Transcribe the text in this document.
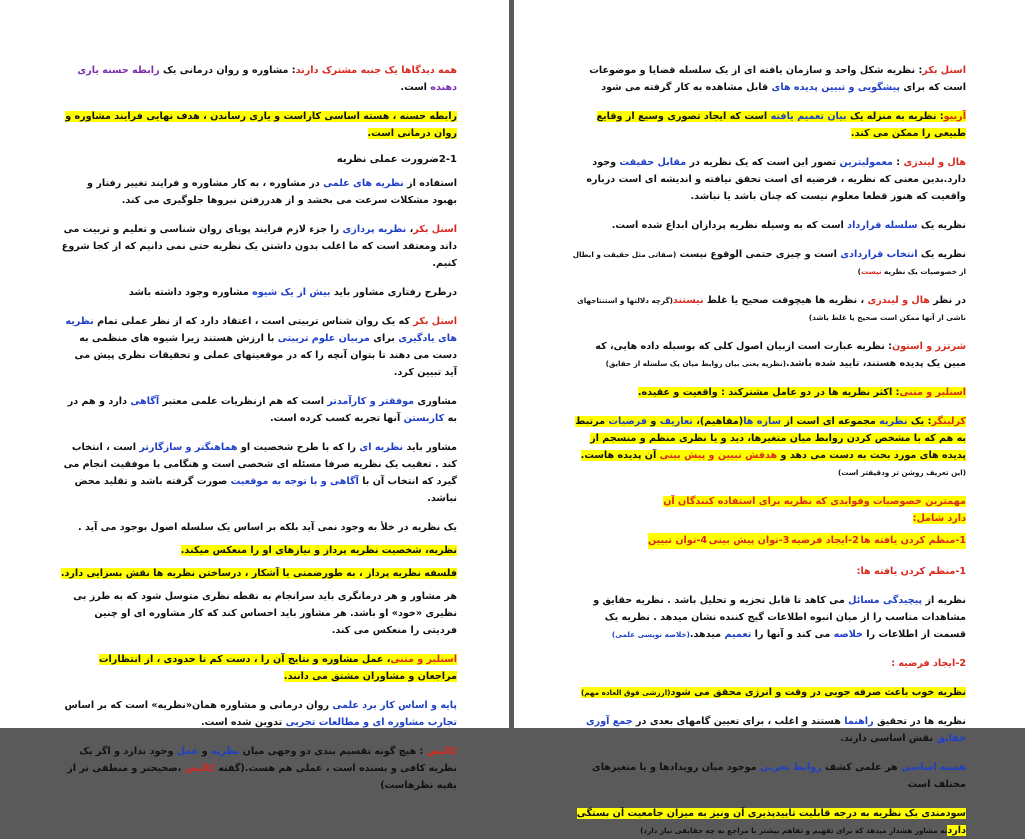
همه دیدگاها یک جنبه مشترک دارند: مشاوره و روان درمانی یک رابطه حسنه یاری دهنده است.
رابطه حسنه ، هسته اساسی کاراست و یاری رساندن ، هدف نهایی فرایند مشاوره و روان درمانی است.
2-1ضرورت عملی نظریه
استفاده از نظریه های علمی در مشاوره ، به کار مشاوره و فرایند تغییر رفتار و بهبود مشکلات سرعت می بخشد و از هدررفتن نیروها جلوگیری می کند.
اسنل بکر، نظریه پردازی را جزء لازم فرایند پویای روان شناسی و تعلیم و تربیت می داند ومعتقد است که ما اغلب بدون داشتن یک نظریه حتی نمی دانیم که از کجا شروع کنیم.
درطرح رفتاری مشاور باید بیش از یک شیوه مشاوره وجود داشته باشد
اسنل بکر که یک روان شناس تربیتی است ، اعتقاد دارد که از نظر عملی تمام نظریه های یادگیری برای مربیان علوم تربیتی با ارزش هستند زیرا شیوه های منظمی به دست می دهند تا بتوان آنچه را که در موقعیتهای عملی و تحقیقات نظری پیش می آید تبیین کرد.
مشاوری موفقتر و کارآمدتر است که هم ازنظریات علمی معتبر آگاهی دارد و هم در به کاربستن آنها تجربه کسب کرده است.
مشاور باید نظریه ای را که با طرح شخصیت او هماهنگتر و سازگارتر است ، انتخاب کند . تعقیب یک نظریه صرفا مسئله ای شخصی است و هنگامی با موفقیت انجام می گیرد که انتخاب آن با آگاهی و با توجه به موقعیت صورت گرفته باشد و تقلید محض نباشد.
یک نظریه در خلأ به وجود نمی آید بلکه بر اساس یک سلسله اصول بوجود می آید .
نظریه، شخصیت نظریه پرداز و نیازهای او را منعکس میکند.
فلسفه نظریه پرداز ، به طورضمنی یا آشکار ، درساختن نظریه ها نقش بسزایی دارد.
هر مشاور و هر درمانگری باید سرانجام به نقطه نظری متوسل شود که به طرز بی نظیری «خود» او باشد. هر مشاور باید احساس کند که کار مشاوره ای او چنین فردیتی را منعکس می کند.
اسنلبر و متنی، عمل مشاوره و نتایج آن را ، دست کم تا حدودی ، از انتظارات مراجعان و مشاوران مشتق می دانند.
پایه و اساس کار برد علمی روان درمانی و مشاوره همان«نظریه» است که بر اساس تجارب مشاوره ای و مطالعات تجربی تدوین شده است.
کالیس : هیچ گونه تقسیم بندی دو وجهی میان نظریه و عمل وجود ندارد و اگر یک نظریه کافی و بسنده است ، عملی هم هست.(گفته کالیس ،صحیحتر و منطقی تر از بقیه نظرهاست)
اسنل بکر: نظریه شکل واحد و سازمان یافته ای از یک سلسله قضایا و موضوعات است که برای پیشگویی و تبیین پدیده های قابل مشاهده به کار گرفته می شود
آرییو: نظریه به منزله یک بیان تعمیم یافته است که ایجاد تصوری وسیع از وقایع طبیعی را ممکن می کند.
هال و لیندزی : معمولیترین تصور این است که یک نظریه در مقابل حقیقت وجود دارد.بدین معنی که نظریه ، فرضیه ای است تحقق نیافته و اندیشه ای است درباره واقعیت که هنوز قطعا معلوم نیست که چنان باشد یا نباشد.
نظریه یک سلسله قرارداد است که به وسیله نظریه پردازان ابداع شده است.
نظریه یک انتخاب قراردادی است و چیزی حتمی الوقوع نیست (صفاتی مثل حقیقت و ابطال از خصوصیات یک نظریه نیست)
در نظر هال و لیندزی ، نظریه ها هیچوقت صحیح یا غلط نیستند(گرچه دلالتها و استنتاجهای ناشی از آنها ممکن است صحیح یا غلط باشد)
شرتزر و استون: نظریه عبارت است ازبیان اصول کلی که بوسیله داده هایی، که مبین یک پدیده هستند، تایید شده باشد.(نظریه یعنی بیان روابط میان یک سلسله از حقایق)
اسنلبر و متنی: اکثر نظریه ها در دو عامل مشترکند : واقعیت و عقیده.
کرلینگر: یک نظریه مجموعه ای است از سازه ها(مفاهیم)، تعاریف و فرضیات مرتبط به هم که با مشخص کردن روابط میان متغیرها، دید و یا نظری منظم و منسجم از پدیده های مورد بحث به دست می دهد و هدفش تبیین و پیش بینی آن پدیده هاست.(این تعریف روشن تر ودقیقتر است)
مهمترین خصوصیات وفوایدی که نظریه برای استفاده کنندگان آن دارد شامل:
1-منظم کردن یافته ها
2-ایجاد فرضیه
3-توان پیش بینی
4-توان تبیین
1-منظم کردن یافته ها:
نظریه از پیچیدگی مسائل می کاهد تا قابل تجزیه و تحلیل باشد . نظریه حقایق و مشاهدات مناسب را از میان انبوه اطلاعات گیج کننده نشان میدهد . نظریه یک قسمت از اطلاعات را خلاصه می کند و آنها را تعمیم میدهد.(خلاصه نویسی علمی)
2-ایجاد فرضیه :
نظریه خوب باعث صرفه جویی در وقت و انرژی محقق می شود(ارزشی فوق العاده مهم)
نظریه ها در تحقیق راهنما هستند و اغلب ، برای تعیین گامهای بعدی در جمع آوری حقایق نقش اساسی دارند.
هسته اساسی هر علمی کشف روابط تجربی موجود میان رویدادها و یا متغیرهای مختلف است
سودمندی یک نظریه به درجه قابلیت تاییدپذیری آن ونیز به میزان جامعیت آن بستگی داردبه مشاور هشدار میدهد که برای تفهیم و تفاهم بیشتر با مراجع به چه حقایقی نیاز دارد)
